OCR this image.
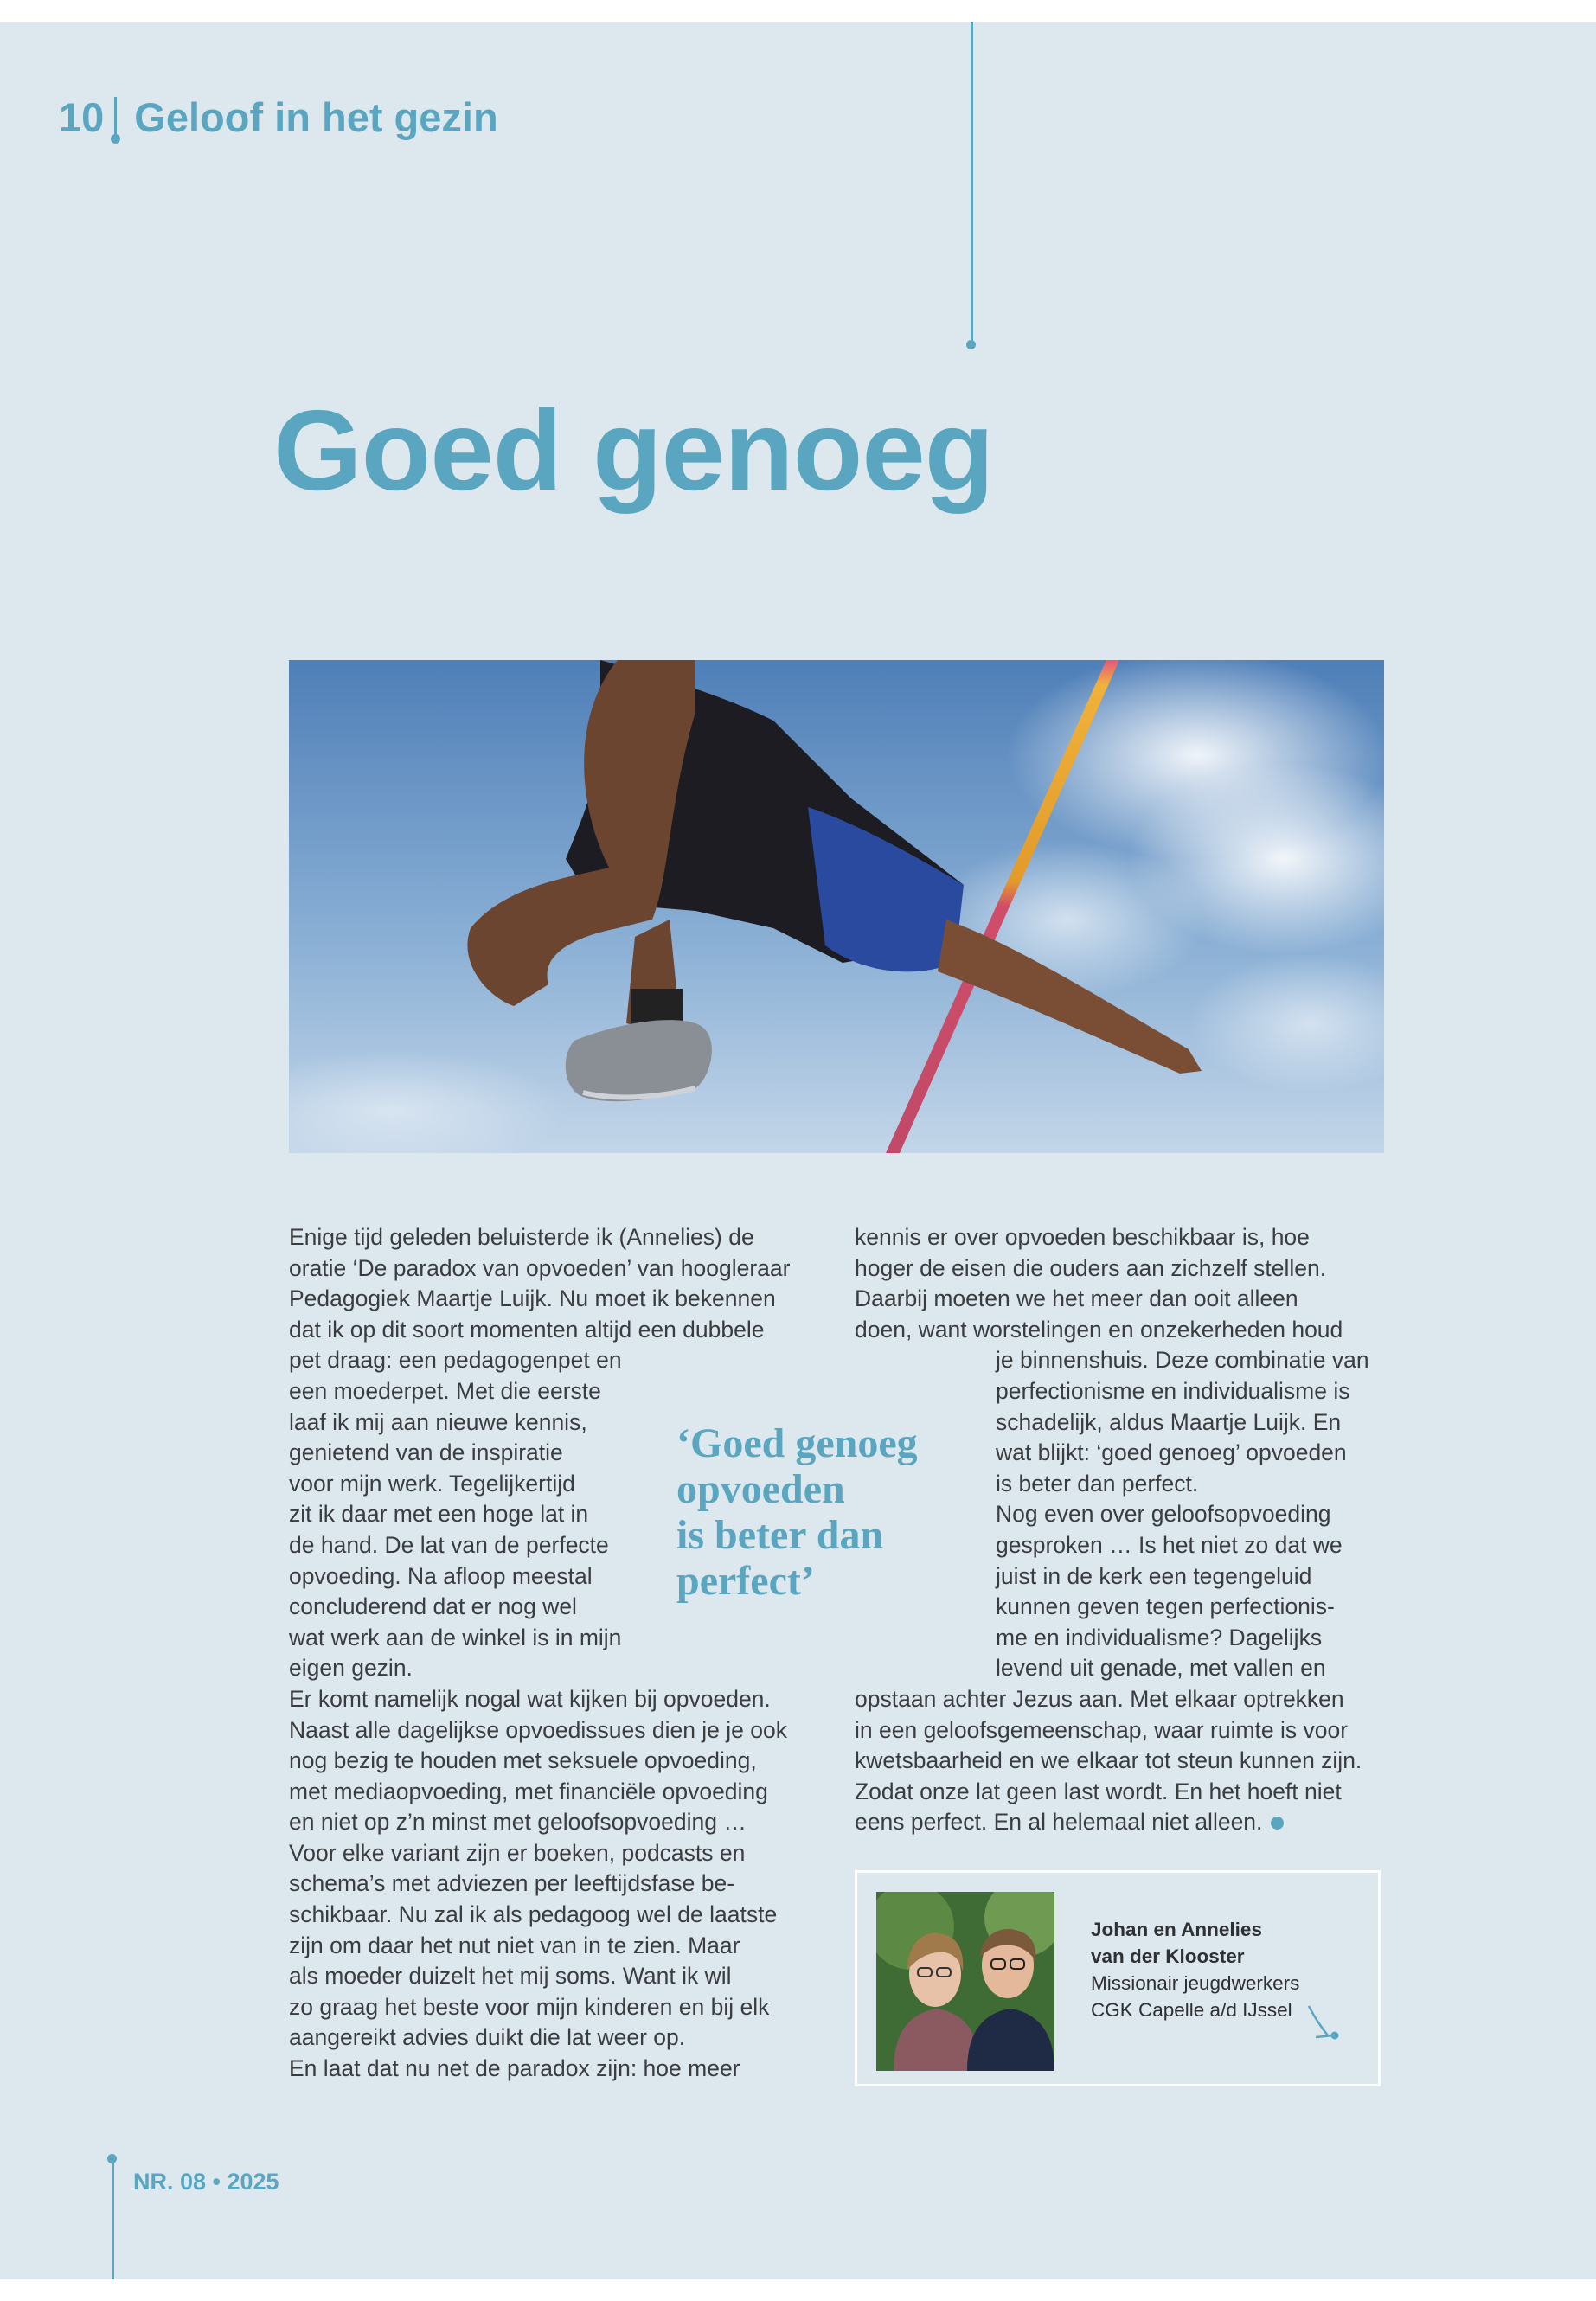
10 Geloof in het gezin
Goed genoeg
Enige tijd geleden beluisterde ik (Annelies) de
oratie ‘De paradox van opvoeden’ van hoogleraar
Pedagogiek Maartje Luijk. Nu moet ik bekennen
dat ik op dit soort momenten altijd een dubbele
pet draag: een pedagogenpet en
een moederpet. Met die eerste
laaf ik mij aan nieuwe kennis,
genietend van de inspiratie
voor mijn werk. Tegelijkertijd
zit ik daar met een hoge lat in
de hand. De lat van de perfecte
opvoeding. Na afloop meestal
concluderend dat er nog wel
wat werk aan de winkel is in mijn
eigen gezin.
Er komt namelijk nogal wat kijken bij opvoeden.
Naast alle dagelijkse opvoedissues dien je je ook
nog bezig te houden met seksuele opvoeding,
met mediaopvoeding, met financiële opvoeding
en niet op z’n minst met geloofsopvoeding …
Voor elke variant zijn er boeken, podcasts en
schema’s met adviezen per leeftijdsfase be-
schikbaar. Nu zal ik als pedagoog wel de laatste
zijn om daar het nut niet van in te zien. Maar
als moeder duizelt het mij soms. Want ik wil
zo graag het beste voor mijn kinderen en bij elk
aangereikt advies duikt die lat weer op.
En laat dat nu net de paradox zijn: hoe meer
‘Goed genoeg
opvoeden
is beter dan
perfect’
kennis er over opvoeden beschikbaar is, hoe
hoger de eisen die ouders aan zichzelf stellen.
Daarbij moeten we het meer dan ooit alleen
doen, want worstelingen en onzekerheden houd
je binnenshuis. Deze combinatie van
perfectionisme en individualisme is
schadelijk, aldus Maartje Luijk. En
wat blijkt: ‘goed genoeg’ opvoeden
is beter dan perfect.
Nog even over geloofsopvoeding
gesproken … Is het niet zo dat we
juist in de kerk een tegengeluid
kunnen geven tegen perfectionis-
me en individualisme? Dagelijks
levend uit genade, met vallen en
opstaan achter Jezus aan. Met elkaar optrekken
in een geloofsgemeenschap, waar ruimte is voor
kwetsbaarheid en we elkaar tot steun kunnen zijn.
Zodat onze lat geen last wordt. En het hoeft niet
eens perfect. En al helemaal niet alleen.
Johan en Annelies
van der Klooster
Missionair jeugdwerkers
CGK Capelle a/d IJssel
NR. 08 • 2025
